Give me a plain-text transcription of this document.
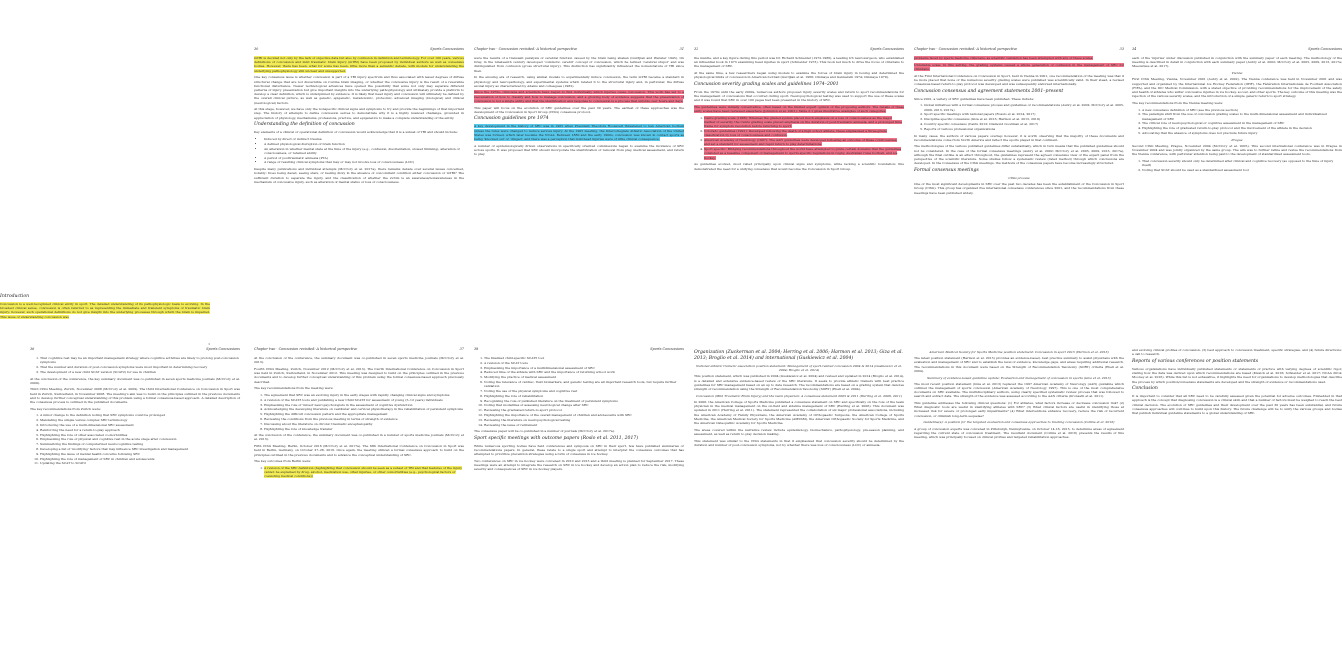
Introduction

Concussion is a well-recognized clinical entity in sport. The detailed understanding of its pathophysiologic basis is evolving. In the broadest clinical sense, concussion is often referred to as representing the immediate and transient symptoms of traumatic brain injury; however, such operational definitions do not give insight into the underlying processes through which the brain is impaired. This issue of understanding concussion was

1
30	Sports Concussions

mTBI is decided not only by the lack of objective data but also by confusion in definition and terminology. For over 100 years, various definitions of concussion and mild traumatic brain injury (mTBI) have been proposed by individual authors as well as consensus bodies. However, there has been, what for some has been, little more than a semantic debate, with models for understanding the underlying pathophysiology still unclear and unsupported.

One key consensus issue is whether concussion is part of a TBI injury spectrum and thus associated with lesser degrees of diffuse structural change that are not discernible on routine brain imaging, or whether the concussive injury is the result of a reversible functional disturbance. Newer technological advances have opened the possibility that some not only may separate different patterns of injury presentation but give important insights into the underlying pathophysiology and ultimately provide a platform to develop a clear definition, which is underpinned by evidence. It is likely that head injury and concussion will ultimately be defined by the overall clinical picture, as well as genetic, epigenetic, metabolomic, proteomic, advanced imaging (biological) and clinical (neurological) factors.

At this stage, however, we have only the nonspecific clinical signs and symptoms to try and provide the beginnings of that important step. The history of attempts to define concussion serves to demonstrate why it is a highly nuanced challenge, grounded in appreciation of physiology, mechanisms, professions, practice, and epigenetics to make a complete understanding of the entity.

Understanding the definition of concussion

Key elements of a clinical or operational definition of concussion would acknowledge that it is a subset of TBI and should include:

• Induced by direct or indirect trauma
• A defined physiological disruption of brain function
• An alteration in whether mental state at the time of the injury (e.g., confusion, disorientation, slowed thinking), alteration of consciousness, or retained ability
• A period of posttraumatic amnesia (PTA)
• A range of resulting clinical symptoms that may or may not involve loss of consciousness (LOC)

Despite many publications and individual attempts (McCrory et al. 2017a), there remains debate over several issues concerned, notably: Does being dazed, seeing stars, or feeling dizzy in the absence of concomitant condition either concussion or mTBI? The sufficient duration to separate the injury, and the classification of whether the victim is an awareness/nonawareness in the mechanism of concussive injury, such as alteration of mental status or loss of consciousness.

Chapter two · Concussion revisited: A historical perspective	31

were the results of a transient paralysis of cerebral function caused by the brain being shaken (Gurdjian and Webster 1945). On Gray, in the nineteenth century developed 'commotio cerebri' concept of concussion, which he termed 'cerebral stupor' and was distinguished from contusion (gross structural injury). This distinction has significantly influenced the nomenclature of TBI since then.

In the ensuing era of research, using animal models to experimentally induce concussion, the term mTBI became a standard in physiology and neuropathology, and experimental systems which related it to the structural injury and, in particular, the diffuse axonal injury as characterized by Adams and colleagues (1982).

Since the 1970s, clinicians and scientists have begun to find individually which injuries cause concussion. This work has led to a reevaluation of how to classify and how to manage concussion, and a growing body of evidence suggests that the presentation of concussion is not a single entity and that the identification and response to concussion is a process that unfolds over hours and days.

This paper will focus on the evolution of SRC guidelines over the past 30 years. The earliest of these approaches was the development of the Concussion in Sport Group (CISG) consensus protocol.

Concussion guidelines pre 1974

A key development in the history of SRC was in 1965 when President Theodore Roosevelt threatened to ban American football unless the rules were changed to reduce serious injury. At the 1905 meeting, the Intercollegiate Athletic Association of the United States was formed, which later became the NCAA. Between 1880 and the early 1900s, concussion was known in contact sports as being 'knocked out' or 'dinged', and there was a perception that mild head injuries were of little clinical consequence.

A number of epidemiologically driven observations in specifically oriented commissions began to examine the incidence of SRC across sports. It was proposed that SRC should incorporate the identification of removal from play, medical assessment, and return to play.

32	Sports Concussions

the mantle, and a key figure during this period was Dr. Richard Schneider (1972-1986), a leading US neurosurgeon, who established an influential book in 1973 examining head injuries in sport (Schneider 1973). This book led much to drive the focus of clinicians to the management of SRC.

At the same time, a few researchers began using models to examine the forces of brain injury in boxing and determined the physiological limits of concussion in American football (Gurdjian et al. 1966; Ommaya and Gennarelli 1974; Ommaya 1979).

Concussion severity grading scales and guidelines 1974–2001

From the 1970s until the early 2000s, numerous authors proposed injury severity scales and return to sport recommendations for the management of concussions that occurred during sport. Neuropsychological testing was used to support the use of these scales and it was found that SRC in over 100 pages had been presented in the history of SRC.

The guidelines were initially conservative, often based on the limited expert opinion of the proposing authors. The details of these early scales have been reviewed elsewhere (Johnston et al. 2001); Table 2.1 gives illustrative examples of such categories.

1. Cantu grading scale (1986): Whereas the graded system placed much emphasis on a loss of consciousness as the major marker of severity, the Cantu grading scale placed emphasis on the duration of post-traumatic amnesia, and a prolonged time frame for symptom resolution before returning to sport.
2. Colorado guidelines (1991): Developed following the death of a high school athlete, these emphasised a three-grade classification by loss of consciousness and confusion.
3. American Academy of Neurology (1997): The AAN guidelines were developed following an outcome of these controversies, and set a standard for assessment and rapid return to play determinations.
4. Sport specific: Bridging recommendations throughout the world have attempted to guide certain domains that the guidelines consisted as a baseline component of management to sports-specific regulations in rugby, Australian rules football, and ice hockey.

As guidelines evolved, most relied principally upon clinical signs and symptoms, while lacking a scientific foundation; this demonstrated the need for a unifying consensus that would become the Concussion in Sport Group.

Chapter two · Concussion revisited: A historical perspective	33

problems faced by sports medicine clinicians, as scientific validation has been attempted with any of these scales.

Unreliable scale: In this setting, the grading systems caused a whole generation of confusion in the management of SRC for clinicians.

At the First International Conference on Concussion in Sport, held in Vienna in 2001, one recommendation of the meeting was that it be more placed that none of the numerous severity grading scales were published was scientifically valid. In their stead, a revised consensus-based return to play protocol was developed and was subsequently endorsed internationally.

Concussion consensus and agreement statements 2001–present

Since 2001, a variety of SRC guidelines have been published. These include:

1. Global initiatives with a formal consensus process and guidelines or recommendations (Aubry et al. 2002; McCrory et al. 2005, 2009, 2013, 2017a)
2. Sport specific meetings with national papers (Rosslo et al. 2014, 2017)
3. Discipline specific consensus (Giza et al. 2013; Harmon et al. 2013, 2019)
4. Country specific consensus (Cantu 2012; Diamond Goodman et al. 2017)
5. Reports of various professional organizations

In many cases, the authors of various papers overlap; however, it is worth observing that the majority of these documents and recommendations come from North America and reflect the sports played in that continent.

The methodologies of the various published guidelines differ substantially, which in turn means that the published guidelines should not be considered. In the case of the formal consensus meetings (Aubry et al. 2002; McCrory et al. 2005, 2009, 2013, 2017a), although the final outline is an effect throughout, the guidelines represent the agreed consensus view of the expert panel from the perspective of the scientific literature. Some studies follow a systematic review (rated method) through which conclusions are developed. In the Consensus of the CISG meetings, the methods of the consensus papers have become increasingly structured.

Formal consensus meetings
CISG process

One of the most significant developments in SRC over the past two decades has been the establishment of the Concussion in Sport Group (CISG). This group has organized five international consensus conferences since 2001, and the recommendations from these meetings have been published widely.

34	Sports Concussions

each of the 'injuries' under discussion published in conjunction with the summary paper of each meeting. The methodology of the meeting is described in detail in conjunction with each summary paper (Aubry et al. 2002; McCrory et al. 2005, 2009, 2013, 2017a; Meeuwisse et al. 2017).

Vienna

First CISG Meeting, Vienna, November 2001 (Aubry et al. 2002). The Vienna conference was held in November 2001 and was supported and organized by the International Ice Hockey Federation (IIHF), the Fédération Internationale de Football Association (FIFA), and the IOC Medical Commission, with a stated objective of providing recommendations for the improvement of the safety and health of athletes who suffer concussive injuries in ice hockey, soccer, and other sports. The key outcome of this meeting was the rejection of the various severity scales, and the introduction of a simple generic return to sport strategy.

The key recommendations from the Vienna meeting were:

1. A new consensus definition of SRC (see the previous section)
2. The paradigm shift from the use of concussion grading scales to the multi-dimensional assessment and individualized management of SRC
3. The critical role of neuropsychological or cognitive assessment in the management of SRC
4. Highlighting the role of graduated return-to-play protocol and the involvement of the athlete in the decision
5. Advocating that the absence of symptoms does not preclude future injury
Prague

Second CISG Meeting, Prague, November 2004 (McCrory et al. 2005). This second international conference was in Prague in November 2004 and was jointly organized by the same group. The aim was to further refine and revise the recommendations from the Vienna conference, with particular attention being paid to the development of standardized assessment tools.

1. That concussion severity should only be determined after clinical and cognitive recovery (as opposed to the time of injury itself)
2. Noting that SCAT should be used as a standardized assessment tool
36	Sports Concussions
1. That cognitive rest may be an important management strategy where cognitive activities are likely to prolong post-concussion symptoms
2. That the number and duration of post-concussion symptoms were most important in determining recovery
3. The development of a new child SCAT version (SCAT2) for use in children

At the conclusion of the conference, the key summary document was co-published in seven sports medicine journals (McCrory et al. 2009).

Third CISG Meeting, Zurich, November 2008 (McCrory et al. 2009). The third International Conference on Concussion in Sport was held in Zurich, Switzerland, in November 2008. The meeting's aim was to build on the principles outlined in the previous documents and to develop further conceptual understanding of this problem using a formal consensus-based approach. A detailed description of the consensus process is outlined in the published documents.

The key recommendations from Zurich were:

1. A minor change to the definition noting that SRC symptoms could be prolonged
2. Mandating the simple versus complex SRC terminology
3. Introducing the use of a multi-dimensional SRC assessment
4. Reinforcing the need for a return-to-play approach
5. Highlighting the role of other associated co-morbidities
6. Emphasizing the role of physical and cognitive rest in the acute stage after concussion
7. Summarizing the findings of computerized neurocognitive testing
8. Developing a list of 'modifying' factors that may influence SRC investigation and management
9. Highlighting the issue of mental health concerns following SRC
10. Highlighting the role of management of SRC in children and adolescents
11. Updating the SCAT to SCAT2
Chapter two · Concussion revisited: A historical perspective	37

At the conclusion of the conference, the summary document was co-published in seven sports medicine journals (McCrory et al. 2013).

Fourth CISG Meeting, Zurich, November 2012 (McCrory et al. 2013). The fourth International Conference on Concussion in Sport was held in Zurich, Switzerland, in November 2012. This meeting was designed to build on the principles outlined in the previous documents and to develop further conceptual understanding of this problem using the formal consensus-based approach previously described.

The key recommendations from the meeting were:

1. The agreement that SRC was an evolving injury in the early stages with rapidly changing clinical signs and symptoms
2. A revision of the SCAT3 tools and publishing a new Child SCAT3 for assessment of young (5–12 years) individuals
3. Emphasizing the role of 'mixed' neuropsychologists in the assessment of cognitive dysfunction
4. Acknowledging the developing literature on vestibular and cervical physiotherapy in the rehabilitation of persistent symptoms
5. Highlighting the difficult concussion pattern and the appropriate management
6. Reviewing the conditions from the previous meeting in terms of strength of evidence
7. Discussing about the literature on chronic traumatic encephalopathy
8. Highlighting the role of knowledge transfer

At the conclusion of the conference, the summary document was co-published in a number of sports medicine journals (McCrory et al. 2013).

Fifth CISG Meeting, Berlin, October 2016 (McCrory et al. 2017a). The fifth International Conference on Concussion in Sport was held in Berlin, Germany, on October 27–28, 2016. Once again, the meeting utilized a formal consensus approach to build on the principles outlined in the previous documents and to advance the conceptual understanding of SRC.

The key outcomes from Berlin were:

1. A revision of the SRC definition (highlighting that concussion should be seen as a subset of TBI and that features of the injury cannot be explained by drug, alcohol, medication use, other injuries, or other comorbidities (e.g., psychological factors or coexisting medical conditions))
38	Sports Concussions
1. The finalized child-specific SCAT5 tool
2. A revision of the SCAT tools
3. Emphasizing the importance of a multidimensional assessment of SRC
4. Reduced time of the athlete with SRC and the importance of returning school work
5. Modifying the practice of medical assessment
6. Noting the relevance of cardiac, fluid biomarkers, and genetic testing are all important research tools, but require further validation
7. Noting the use of the physical symptoms and cognitive rest
8. Highlighting the role of rehabilitation
9. Recognizing the role of published literature on the treatment of persistent symptoms
10. Noting that modalities of assessing neurological change after SRC
11. Reviewing the graduated return-to-sport protocol
12. Highlighting the importance of the overall management of children and adolescents with SRC
13. Reviewing the literature on neuropsychological testing
14. Reviewing the issue of retirement

The consensus paper will be co-published in a number of journals (McCrory et al. 2017a).

Sport specific meetings with outcome papers (Roslo et al. 2011, 2017)

While numerous sporting bodies have held conferences and symposia on SRC in their sport, few have published summaries or recommendations papers. In general, these relate to a single sport and attempt to interpret the consensus outcomes that has attempted to prioritize prevention strategies using a form of consensus in ice hockey.

Two conferences on SRC in ice hockey were convened in 2010 and 2013 and a third meeting is planned for September 2017. These meetings were an attempt to integrate the research on SRC in ice hockey and develop an action plan to reduce the risk, modifying severity and consequences of SRC in ice hockey players.

Organization (Zuckerman et al. 2004; Herring et al. 2006; Harmon et al. 2013; Giza et al. 2013; Broglio et al. 2014) and international (Guskiewicz et al. 2004)
National athletic trainers' association position statement: Management of sport-related concussion 2004 & 2014 (Guskiewicz et al. 2004; Broglio et al. 2014)

This position statement, which was published in 2004 (Guskiewicz et al. 2004) and revised and updated in 2014 (Broglio et al. 2014), is a detailed and extensive evidence-based review of the SRC literature. It seeks to provide athletic trainers with best practice guidelines for SRC management based on an up to date research. The recommendations are based on a grading system that denotes strength of recommendation using the Strength of Recommendation Taxonomy (SORT) (Ebell et al. 2004).

Concussion (Mild Traumatic Brain Injury) and the team physician: A consensus statement 2005 & 2011 (Herring et al. 2006, 2011)

In 2006, the American College of Sports Medicine published a consensus statement on SRC and specifically on the role of the team physician in the medical management on the on-field and sideline management of SRC (Herring et al. 2006). This document was updated in 2011 (Herring et al. 2011). The statement represented the collaboration of six major professional associations, including the American Academy of Family Physicians, the American Academy of Orthopaedic Surgeons, the American College of Sports Medicine, the American Medical Society for Sports Medicine (AMSSM), the American Orthopaedic Society for Sports Medicine, and the American Osteopathic Academy for Sports Medicine.

The areas covered within the narrative review include epidemiology, biomechanics, pathophysiology, pre-season planning, and assessment, as well as return to play decision making.

This statement was similar to the CISG statements in that it emphasized that concussion severity should be determined by the duration and number of post-concussion symptoms, not by whether there was loss of consciousness (LOC) or amnesia.

American Medical Society for Sports Medicine position statement: Concussion in sport 2013 (Harmon et al. 2013)

The latest position statement (Harmon et al. 2013) provides an evidence-based, best practice summary to assist physicians with the evaluation and management of SRC and to establish the level of evidence, knowledge gaps, and areas requiring additional research. The recommendations in this document were based on the Strength of Recommendation Taxonomy (SORT) criteria (Ebell et al. 2004).

Summary of evidence-based guideline update: Evaluation and management of concussion in sports (Giza et al. 2013)

The most recent position statement (Giza et al. 2013) replaced the 1997 American Academy of Neurology (AAN) guideline which outlined the management of sports concussion (American Academy of Neurology 1997). This is one of the most comprehensive documents on SRC available. The multidisciplinary authors, using clearly specified systematic review process that was followed to search and extract data. The strength of the evidence was assessed according to the AAN criteria (Gronseth et al. 2011).

This guideline addresses the following clinical questions: (1) For athletes, what factors increase or decrease concussion risk? (2) What diagnostic tools are useful in identifying athletes with SRC? (3) What clinical factors are useful in identifying those at increased risk for severe or prolonged early impairments? (4) What interventions enhance recovery, reduce the risk of recurrent concussion, or diminish long-term sequelae?

Guideline(s): A position for the targeted evaluation and consensus approaches to treating concussion (Collins et al. 2016)

A group of concussion experts was convened in Pittsburgh, Pennsylvania, on October 14-16, 2015, to determine areas of agreement regarding the current state of concussion treatment. The resultant document (Collins et al. 2016) presents the results of this meeting, which was principally focused on clinical profiles and targeted rehabilitation approaches.

and evolving clinical profiles of concussion, (3) best approach to concussion treatment, specific strategies, and (4) future directions: a call to research.

Reports of various conferences or position statements

Various organizations have individually published statements or statements of practice with varying degrees of scientific rigor, stating how the data was derived upon which recommendations are based (Kissick et al. 2016; Schneider et al. 2017; NCAA 2014; Mooney et al. 2016). While this list is not exhaustive, it highlights the need for organizations to develop methodologies that describe the process by which position/consensus statements are developed and the strength of evidence or recommendations used.

Conclusion

It is important to consider that all SRC need to be carefully assessed given the potential for adverse outcomes. Embedded in that approach is the concept that diagnosing concussion is a clinical skill, and that a number of factors must be weighed to reach the best clinical decision. The evolution of SRC guidelines and their development over the past 30 years has been substantial, and future consensus approaches will continue to build upon this history. The future challenge will be to unify the various groups and bodies that publish individual guideline statements to a global understanding of SRC.
